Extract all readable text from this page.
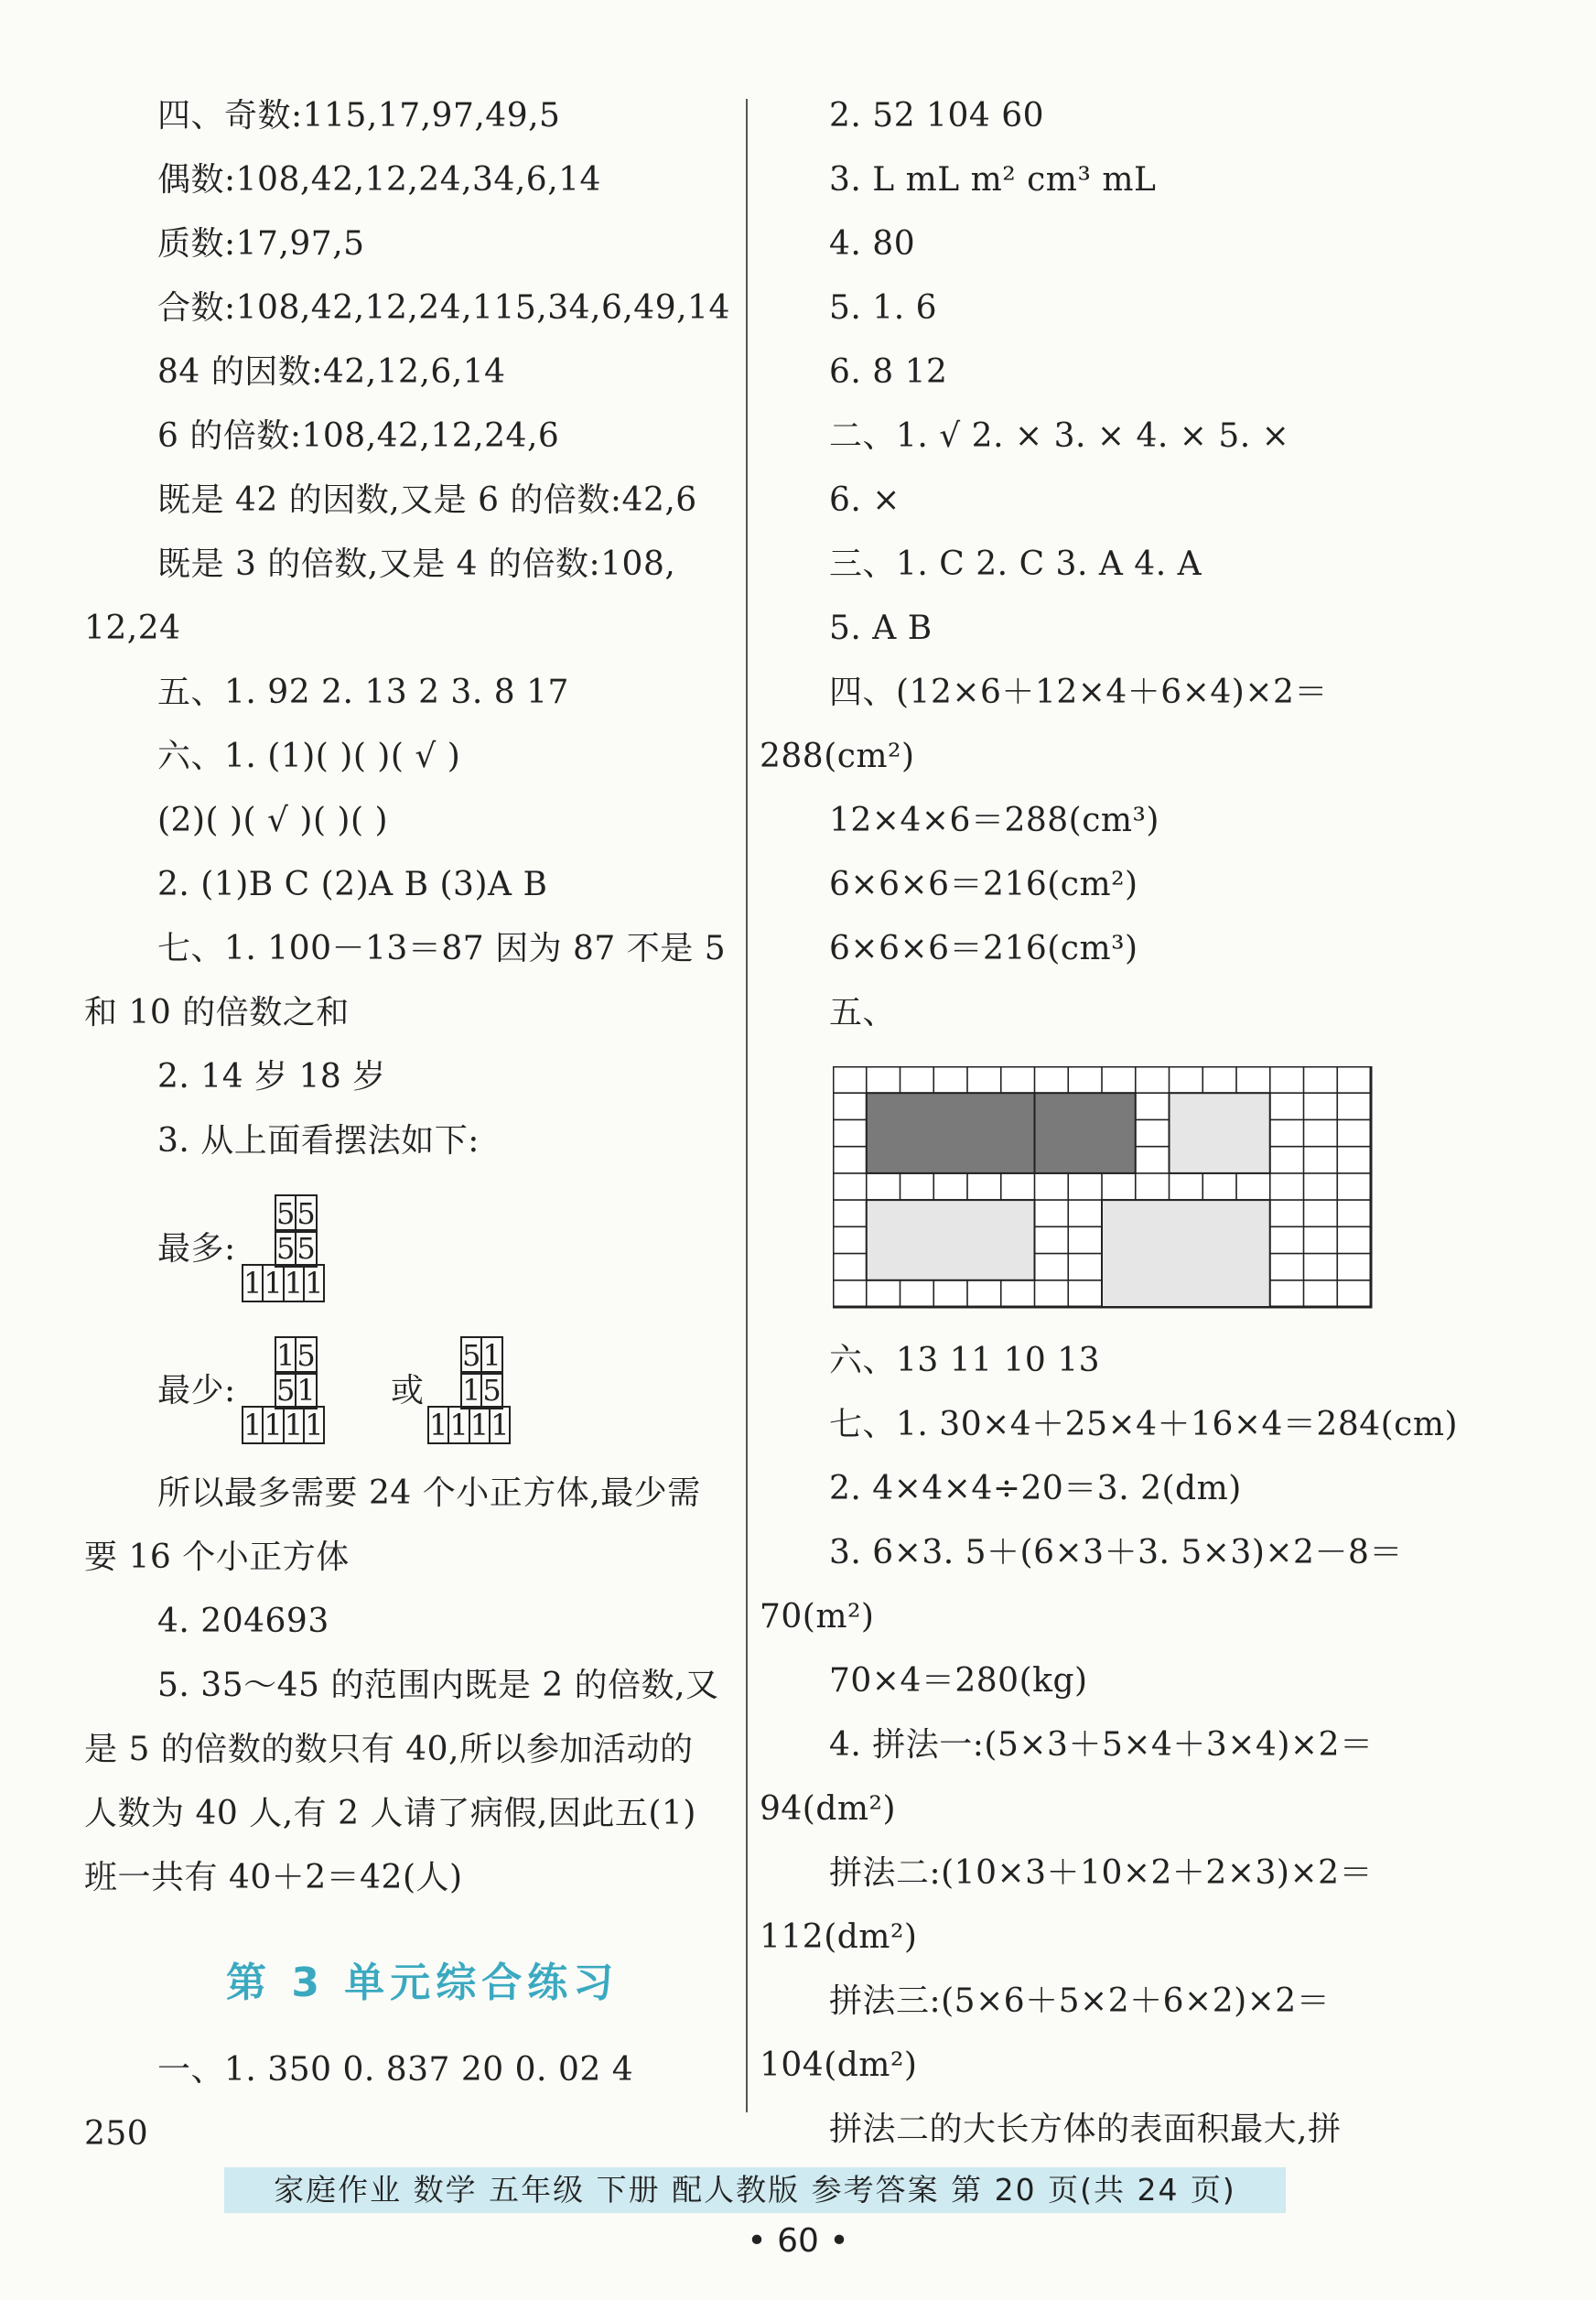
四、奇数:115,17,97,49,5
偶数:108,42,12,24,34,6,14
质数:17,97,5
合数:108,42,12,24,115,34,6,49,14
84 的因数:42,12,6,14
6 的倍数:108,42,12,24,6
既是 42 的因数,又是 6 的倍数:42,6
既是 3 的倍数,又是 4 的倍数:108,
12,24
五、1. 92 2. 13 2 3. 8 17
六、1. (1)( )( )( √ )
(2)( )( √ )( )( )
2. (1)B C (2)A B (3)A B
七、1. 100－13＝87 因为 87 不是 5
和 10 的倍数之和
2. 14 岁 18 岁
3. 从上面看摆法如下:
最多:
5	5
5	5
1	1	1	1
最少:
1	5
5	1
1	1	1	1
或
5	1
1	5
1	1	1	1
所以最多需要 24 个小正方体,最少需
要 16 个小正方体
4. 204693
5. 35～45 的范围内既是 2 的倍数,又
是 5 的倍数的数只有 40,所以参加活动的
人数为 40 人,有 2 人请了病假,因此五(1)
班一共有 40＋2＝42(人)
第 3 单元综合练习
一、1. 350 0. 837 20 0. 02 4
250
2. 52 104 60
3. L mL m² cm³ mL
4. 80
5. 1. 6
6. 8 12
二、1. √ 2. × 3. × 4. × 5. ×
6. ×
三、1. C 2. C 3. A 4. A
5. A B
四、(12×6＋12×4＋6×4)×2＝
288(cm²)
12×4×6＝288(cm³)
6×6×6＝216(cm²)
6×6×6＝216(cm³)
五、
六、13 11 10 13
七、1. 30×4＋25×4＋16×4＝284(cm)
2. 4×4×4÷20＝3. 2(dm)
3. 6×3. 5＋(6×3＋3. 5×3)×2－8＝
70(m²)
70×4＝280(kg)
4. 拼法一:(5×3＋5×4＋3×4)×2＝
94(dm²)
拼法二:(10×3＋10×2＋2×3)×2＝
112(dm²)
拼法三:(5×6＋5×2＋6×2)×2＝
104(dm²)
拼法二的大长方体的表面积最大,拼
家庭作业 数学 五年级 下册 配人教版 参考答案 第 20 页(共 24 页)
• 60 •
